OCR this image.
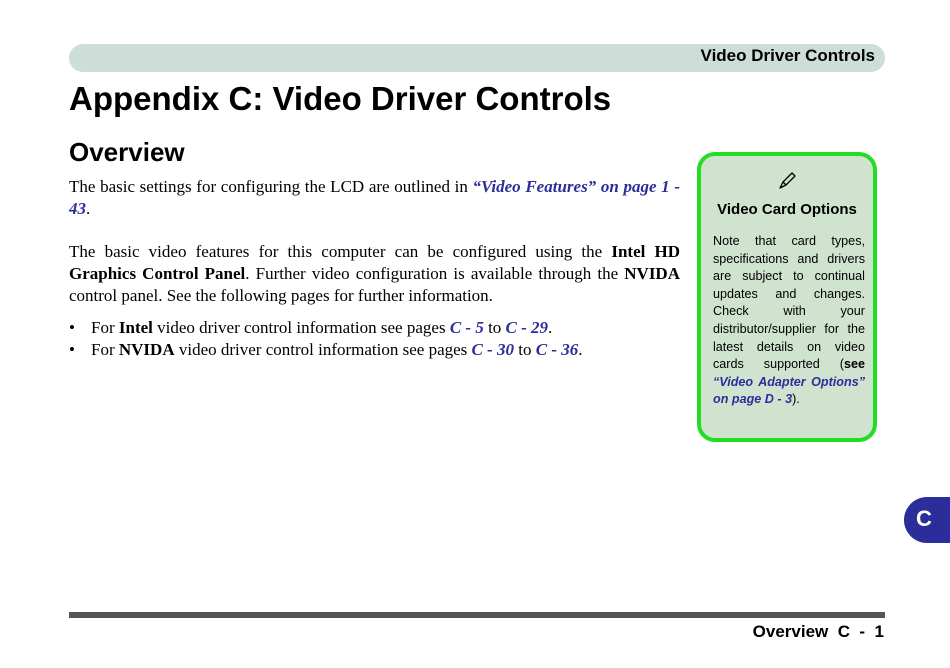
Video Driver Controls
Appendix C: Video Driver Controls
Overview

The basic settings for configuring the LCD are outlined in “Video Features” on page 1 - 43.

The basic video features for this computer can be configured using the Intel HD Graphics Control Panel. Further video configuration is available through the NVIDA control panel. See the following pages for further information.

• For Intel video driver control information see pages C - 5 to C - 29.
• For NVIDA video driver control information see pages C - 30 to C - 36.
Video Card Options

Note that card types, specifications and drivers are subject to continual updates and changes. Check with your distributor/supplier for the latest details on video cards supported (see “Video Adapter Options” on page D - 3).

C
Overview  C  -  1
